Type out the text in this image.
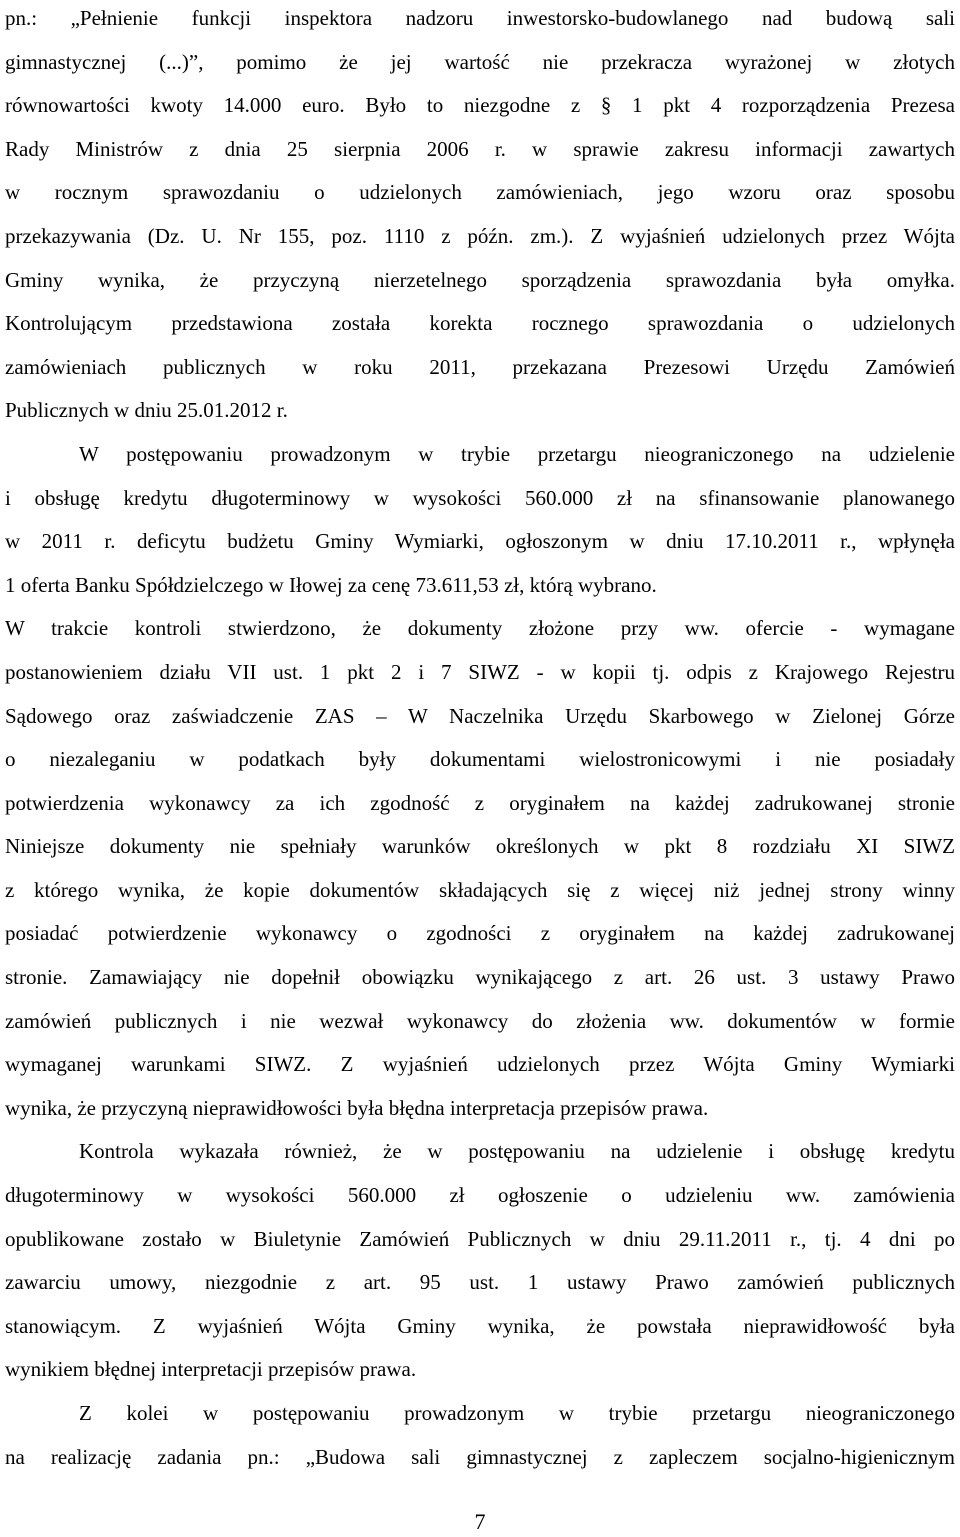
pn.: „Pełnienie funkcji inspektora nadzoru inwestorsko-budowlanego nad budową sali
gimnastycznej (...)”, pomimo że jej wartość nie przekracza wyrażonej w złotych
równowartości kwoty 14.000 euro. Było to niezgodne z § 1 pkt 4 rozporządzenia Prezesa
Rady Ministrów z dnia 25 sierpnia 2006 r. w sprawie zakresu informacji zawartych
w rocznym sprawozdaniu o udzielonych zamówieniach, jego wzoru oraz sposobu
przekazywania (Dz. U. Nr 155, poz. 1110 z późn. zm.). Z wyjaśnień udzielonych przez Wójta
Gminy wynika, że przyczyną nierzetelnego sporządzenia sprawozdania była omyłka.
Kontrolującym przedstawiona została korekta rocznego sprawozdania o udzielonych
zamówieniach publicznych w roku 2011, przekazana Prezesowi Urzędu Zamówień
Publicznych w dniu 25.01.2012 r.
W postępowaniu prowadzonym w trybie przetargu nieograniczonego na udzielenie
i obsługę kredytu długoterminowy w wysokości 560.000 zł na sfinansowanie planowanego
w 2011 r. deficytu budżetu Gminy Wymiarki, ogłoszonym w dniu 17.10.2011 r., wpłynęła
1 oferta Banku Spółdzielczego w Iłowej za cenę 73.611,53 zł, którą wybrano.
W trakcie kontroli stwierdzono, że dokumenty złożone przy ww. ofercie - wymagane
postanowieniem działu VII ust. 1 pkt 2 i 7 SIWZ - w kopii tj. odpis z Krajowego Rejestru
Sądowego oraz zaświadczenie ZAS – W Naczelnika Urzędu Skarbowego w Zielonej Górze
o niezaleganiu w podatkach były dokumentami wielostronicowymi i nie posiadały
potwierdzenia wykonawcy za ich zgodność z oryginałem na każdej zadrukowanej stronie
Niniejsze dokumenty nie spełniały warunków określonych w pkt 8 rozdziału XI SIWZ
z którego wynika, że kopie dokumentów składających się z więcej niż jednej strony winny
posiadać potwierdzenie wykonawcy o zgodności z oryginałem na każdej zadrukowanej
stronie. Zamawiający nie dopełnił obowiązku wynikającego z art. 26 ust. 3 ustawy Prawo
zamówień publicznych i nie wezwał wykonawcy do złożenia ww. dokumentów w formie
wymaganej warunkami SIWZ. Z wyjaśnień udzielonych przez Wójta Gminy Wymiarki
wynika, że przyczyną nieprawidłowości była błędna interpretacja przepisów prawa.
Kontrola wykazała również, że w postępowaniu na udzielenie i obsługę kredytu
długoterminowy w wysokości 560.000 zł ogłoszenie o udzieleniu ww. zamówienia
opublikowane zostało w Biuletynie Zamówień Publicznych w dniu 29.11.2011 r., tj. 4 dni po
zawarciu umowy, niezgodnie z art. 95 ust. 1 ustawy Prawo zamówień publicznych
stanowiącym. Z wyjaśnień Wójta Gminy wynika, że powstała nieprawidłowość była
wynikiem błędnej interpretacji przepisów prawa.
Z kolei w postępowaniu prowadzonym w trybie przetargu nieograniczonego
na realizację zadania pn.: „Budowa sali gimnastycznej z zapleczem socjalno-higienicznym
7
